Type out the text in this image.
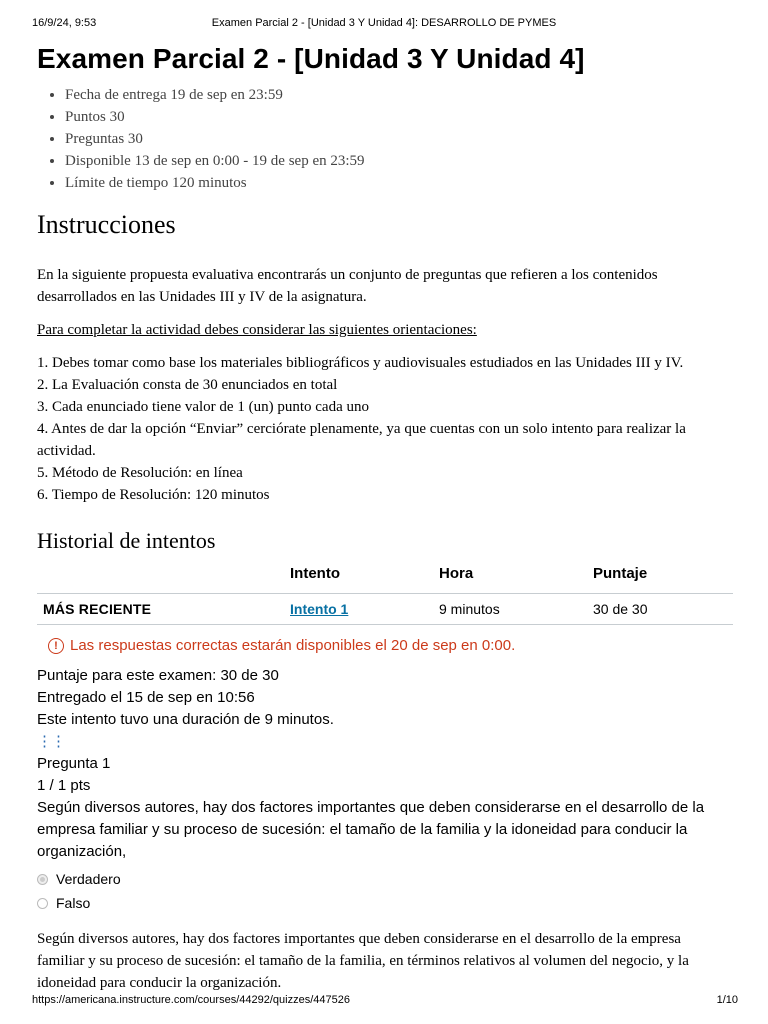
16/9/24, 9:53	Examen Parcial 2 - [Unidad 3 Y Unidad 4]: DESARROLLO DE PYMES
Examen Parcial 2 - [Unidad 3 Y Unidad 4]
• Fecha de entrega 19 de sep en 23:59
• Puntos 30
• Preguntas 30
• Disponible 13 de sep en 0:00 - 19 de sep en 23:59
• Límite de tiempo 120 minutos
Instrucciones

En la siguiente propuesta evaluativa encontrarás un conjunto de preguntas que refieren a los contenidos desarrollados en las Unidades III y IV de la asignatura.

Para completar la actividad debes considerar las siguientes orientaciones:

1. Debes tomar como base los materiales bibliográficos y audiovisuales estudiados en las Unidades III y IV.

2. La Evaluación consta de 30 enunciados en total

3. Cada enunciado tiene valor de 1 (un) punto cada uno

4. Antes de dar la opción “Enviar” cerciórate plenamente, ya que cuentas con un solo intento para realizar la actividad.

5. Método de Resolución: en línea

6. Tiempo de Resolución: 120 minutos

Historial de intentos
	Intento	Hora	Puntaje
MÁS RECIENTE	Intento 1	9 minutos	30 de 30
! Las respuestas correctas estarán disponibles el 20 de sep en 0:00.

Puntaje para este examen: 30 de 30

Entregado el 15 de sep en 10:56

Este intento tuvo una duración de 9 minutos.

⋮⋮

Pregunta 1

1 / 1 pts

Según diversos autores, hay dos factores importantes que deben considerarse en el desarrollo de la empresa familiar y su proceso de sucesión: el tamaño de la familia y la idoneidad para conducir la organización,

Verdadero
Falso

Según diversos autores, hay dos factores importantes que deben considerarse en el desarrollo de la empresa familiar y su proceso de sucesión: el tamaño de la familia, en términos relativos al volumen del negocio, y la idoneidad para conducir la organización.

https://americana.instructure.com/courses/44292/quizzes/447526	1/10
